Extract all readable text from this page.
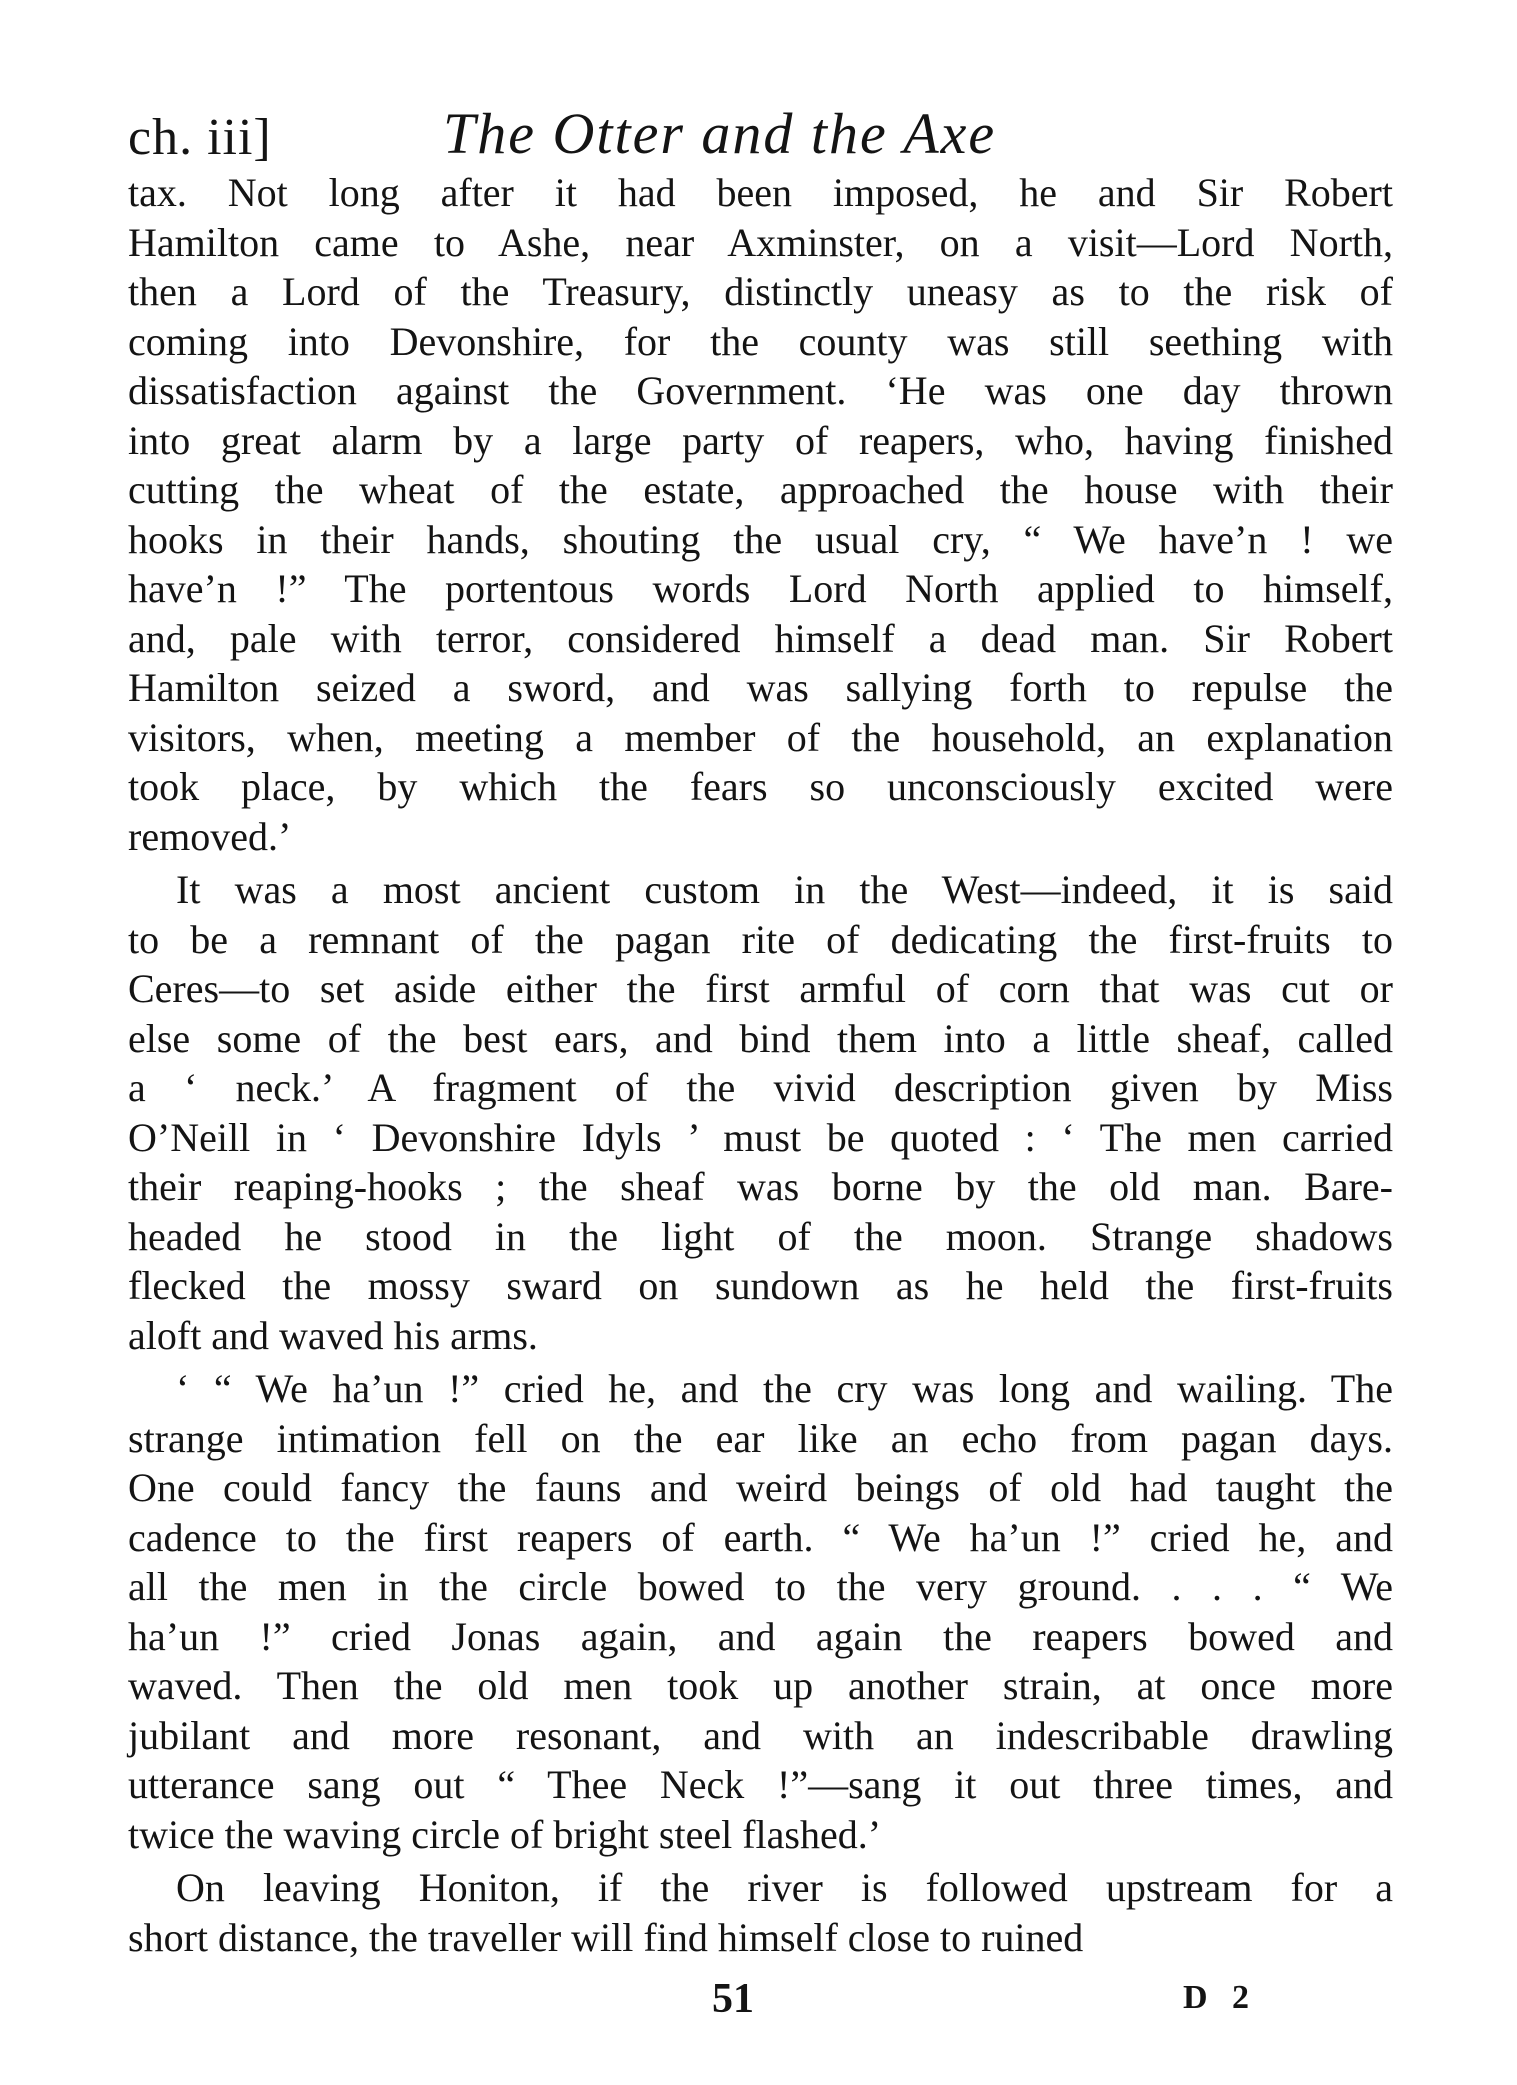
ch. iii]	The Otter and the Axe
tax. Not long after it had been imposed, he and Sir Robert
Hamilton came to Ashe, near Axminster, on a visit—Lord North,
then a Lord of the Treasury, distinctly uneasy as to the risk of
coming into Devonshire, for the county was still seething with
dissatisfaction against the Government. ‘He was one day thrown
into great alarm by a large party of reapers, who, having finished
cutting the wheat of the estate, approached the house with their
hooks in their hands, shouting the usual cry, “ We have’n ! we
have’n !” The portentous words Lord North applied to himself,
and, pale with terror, considered himself a dead man. Sir Robert
Hamilton seized a sword, and was sallying forth to repulse the
visitors, when, meeting a member of the household, an explanation
took place, by which the fears so unconsciously excited were
removed.’
It was a most ancient custom in the West—indeed, it is said
to be a remnant of the pagan rite of dedicating the first-fruits to
Ceres—to set aside either the first armful of corn that was cut or
else some of the best ears, and bind them into a little sheaf, called
a ‘ neck.’ A fragment of the vivid description given by Miss
O’Neill in ‘ Devonshire Idyls ’ must be quoted : ‘ The men carried
their reaping-hooks ; the sheaf was borne by the old man. Bare-
headed he stood in the light of the moon. Strange shadows
flecked the mossy sward on sundown as he held the first-fruits
aloft and waved his arms.
‘ “ We ha’un !” cried he, and the cry was long and wailing. The
strange intimation fell on the ear like an echo from pagan days.
One could fancy the fauns and weird beings of old had taught the
cadence to the first reapers of earth. “ We ha’un !” cried he, and
all the men in the circle bowed to the very ground. . . . “ We
ha’un !” cried Jonas again, and again the reapers bowed and
waved. Then the old men took up another strain, at once more
jubilant and more resonant, and with an indescribable drawling
utterance sang out “ Thee Neck !”—sang it out three times, and
twice the waving circle of bright steel flashed.’
On leaving Honiton, if the river is followed upstream for a
short distance, the traveller will find himself close to ruined
51	D 2
